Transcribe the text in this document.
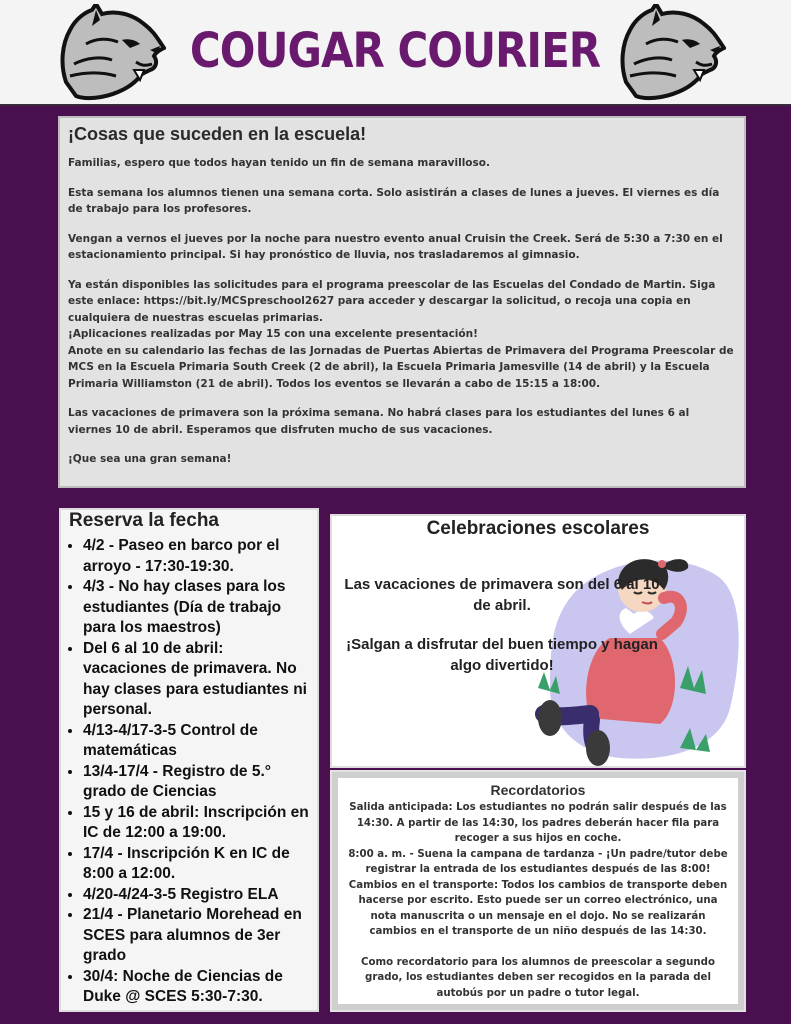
COUGAR COURIER
¡Cosas que suceden en la escuela!

Familias, espero que todos hayan tenido un fin de semana maravilloso.

Esta semana los alumnos tienen una semana corta. Solo asistirán a clases de lunes a jueves. El viernes es día de trabajo para los profesores.

Vengan a vernos el jueves por la noche para nuestro evento anual Cruisin the Creek. Será de 5:30 a 7:30 en el estacionamiento principal. Si hay pronóstico de lluvia, nos trasladaremos al gimnasio.

Ya están disponibles las solicitudes para el programa preescolar de las Escuelas del Condado de Martin. Siga este enlace: https://bit.ly/MCSpreschool2627 para acceder y descargar la solicitud, o recoja una copia en cualquiera de nuestras escuelas primarias.

¡Aplicaciones realizadas por May 15 con una excelente presentación!

Anote en su calendario las fechas de las Jornadas de Puertas Abiertas de Primavera del Programa Preescolar de MCS en la Escuela Primaria South Creek (2 de abril), la Escuela Primaria Jamesville (14 de abril) y la Escuela Primaria Williamston (21 de abril). Todos los eventos se llevarán a cabo de 15:15 a 18:00.

Las vacaciones de primavera son la próxima semana. No habrá clases para los estudiantes del lunes 6 al viernes 10 de abril. Esperamos que disfruten mucho de sus vacaciones.

¡Que sea una gran semana!

Reserva la fecha
• 4/2 - Paseo en barco por el arroyo - 17:30-19:30.
• 4/3 - No hay clases para los estudiantes (Día de trabajo para los maestros)
• Del 6 al 10 de abril: vacaciones de primavera. No hay clases para estudiantes ni personal.
• 4/13-4/17-3-5 Control de matemáticas
• 13/4-17/4 - Registro de 5.° grado de Ciencias
• 15 y 16 de abril: Inscripción en IC de 12:00 a 19:00.
• 17/4 - Inscripción K en IC de 8:00 a 12:00.
• 4/20-4/24-3-5 Registro ELA
• 21/4 - Planetario Morehead en SCES para alumnos de 3er grado
• 30/4: Noche de Ciencias de Duke @ SCES 5:30-7:30.
Celebraciones escolares
Las vacaciones de primavera son del 6 al 10 de abril.
¡Salgan a disfrutar del buen tiempo y hagan algo divertido!
Recordatorios

Salida anticipada: Los estudiantes no podrán salir después de las 14:30. A partir de las 14:30, los padres deberán hacer fila para recoger a sus hijos en coche.

8:00 a. m. - Suena la campana de tardanza - ¡Un padre/tutor debe registrar la entrada de los estudiantes después de las 8:00!

Cambios en el transporte: Todos los cambios de transporte deben hacerse por escrito. Esto puede ser un correo electrónico, una nota manuscrita o un mensaje en el dojo. No se realizarán cambios en el transporte de un niño después de las 14:30.

Como recordatorio para los alumnos de preescolar a segundo grado, los estudiantes deben ser recogidos en la parada del autobús por un padre o tutor legal.
